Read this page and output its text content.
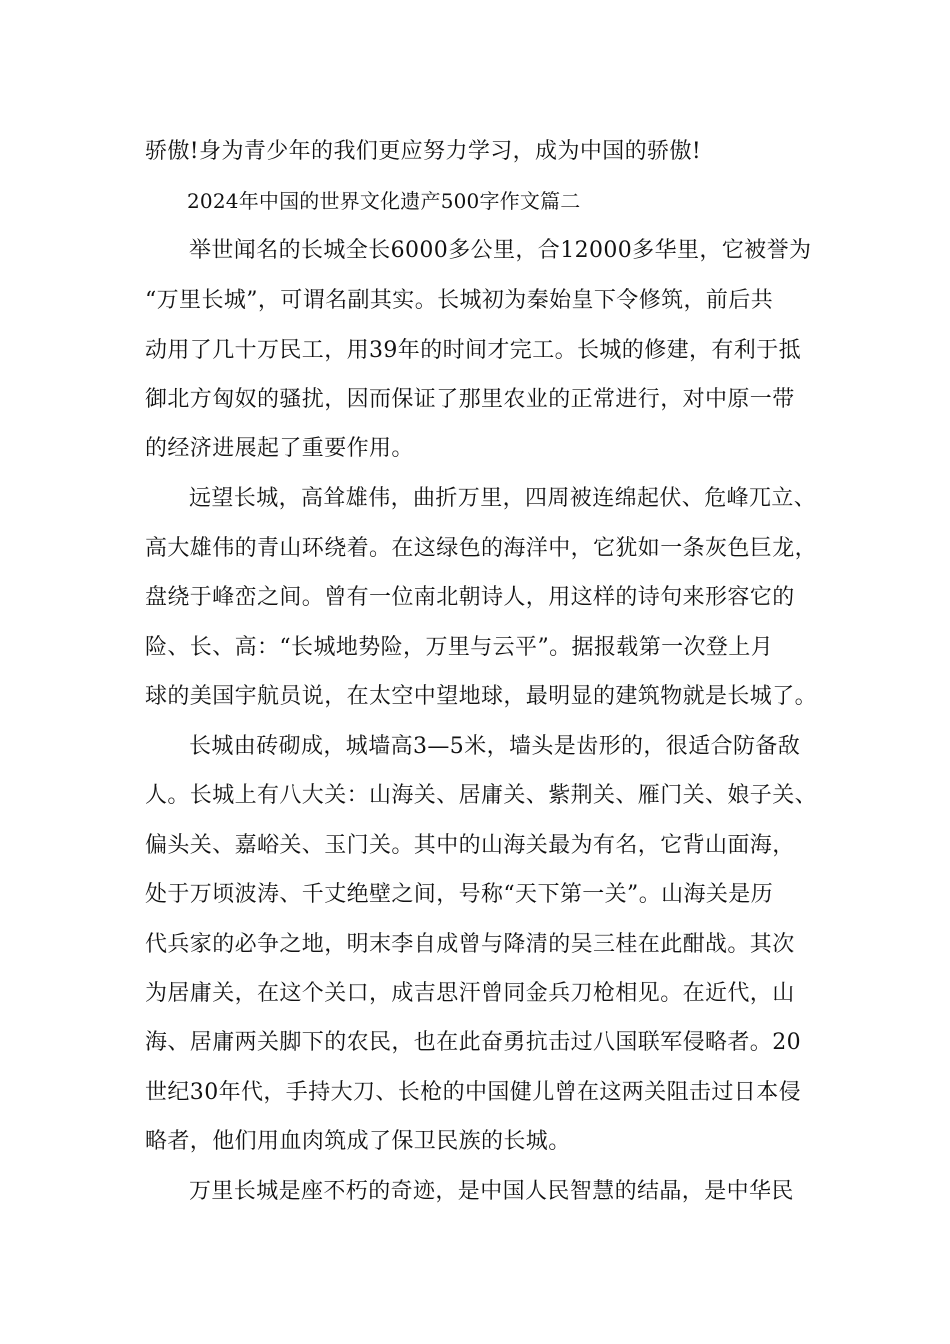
骄傲!身为青少年的我们更应努力学习，成为中国的骄傲!
2024年中国的世界文化遗产500字作文篇二
举世闻名的长城全长6000多公里，合12000多华里，它被誉为
“万里长城”，可谓名副其实。长城初为秦始皇下令修筑，前后共
动用了几十万民工，用39年的时间才完工。长城的修建，有利于抵
御北方匈奴的骚扰，因而保证了那里农业的正常进行，对中原一带
的经济进展起了重要作用。
远望长城，高耸雄伟，曲折万里，四周被连绵起伏、危峰兀立、
高大雄伟的青山环绕着。在这绿色的海洋中，它犹如一条灰色巨龙，
盘绕于峰峦之间。曾有一位南北朝诗人，用这样的诗句来形容它的
险、长、高：“长城地势险，万里与云平”。据报载第一次登上月
球的美国宇航员说，在太空中望地球，最明显的建筑物就是长城了。
长城由砖砌成，城墙高3—5米，墙头是齿形的，很适合防备敌
人。长城上有八大关：山海关、居庸关、紫荆关、雁门关、娘子关、
偏头关、嘉峪关、玉门关。其中的山海关最为有名，它背山面海，
处于万顷波涛、千丈绝壁之间，号称“天下第一关”。山海关是历
代兵家的必争之地，明末李自成曾与降清的吴三桂在此酣战。其次
为居庸关，在这个关口，成吉思汗曾同金兵刀枪相见。在近代，山
海、居庸两关脚下的农民，也在此奋勇抗击过八国联军侵略者。20
世纪30年代，手持大刀、长枪的中国健儿曾在这两关阻击过日本侵
略者，他们用血肉筑成了保卫民族的长城。
万里长城是座不朽的奇迹，是中国人民智慧的结晶，是中华民
